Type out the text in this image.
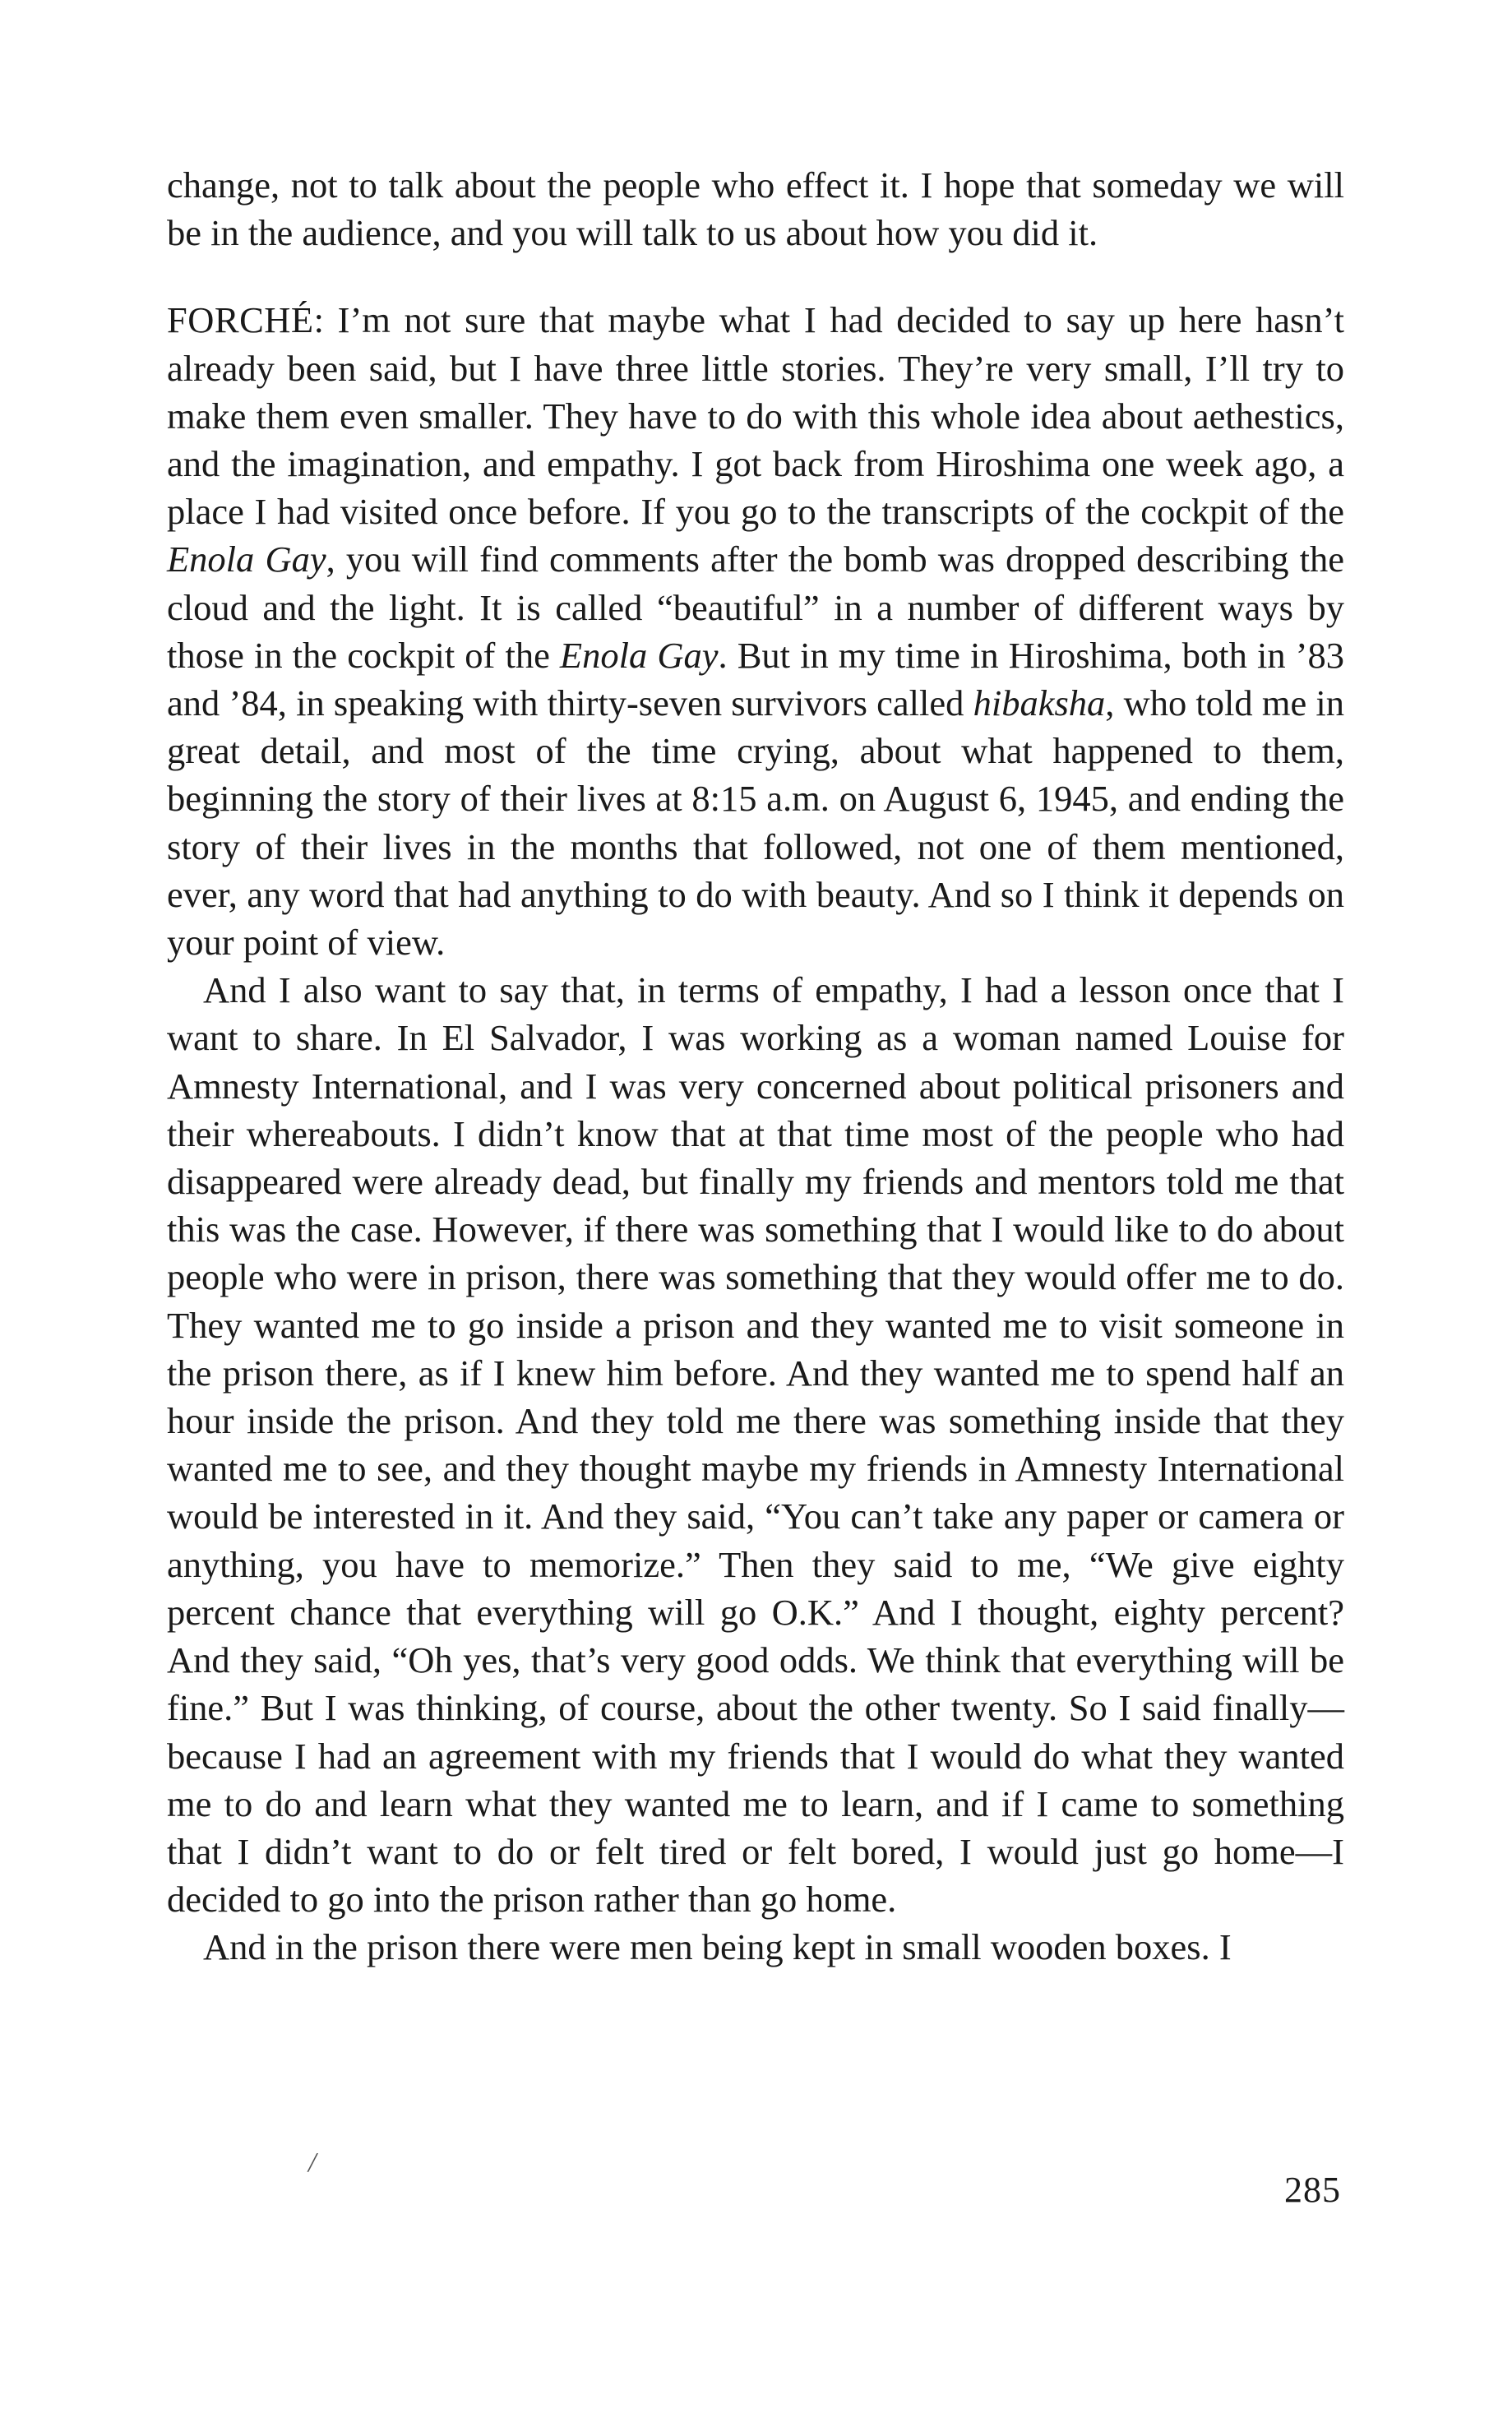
change, not to talk about the people who effect it. I hope that someday we will be in the audience, and you will talk to us about how you did it.

FORCHÉ: I’m not sure that maybe what I had decided to say up here hasn’t already been said, but I have three little stories. They’re very small, I’ll try to make them even smaller. They have to do with this whole idea about aethestics, and the imagination, and empathy. I got back from Hiroshima one week ago, a place I had visited once before. If you go to the transcripts of the cockpit of the Enola Gay, you will find comments after the bomb was dropped describing the cloud and the light. It is called “beautiful” in a number of different ways by those in the cockpit of the Enola Gay. But in my time in Hiroshima, both in ’83 and ’84, in speaking with thirty-seven survivors called hibaksha, who told me in great detail, and most of the time crying, about what happened to them, beginning the story of their lives at 8:15 a.m. on August 6, 1945, and ending the story of their lives in the months that followed, not one of them mentioned, ever, any word that had anything to do with beauty. And so I think it depends on your point of view.

And I also want to say that, in terms of empathy, I had a lesson once that I want to share. In El Salvador, I was working as a woman named Louise for Amnesty International, and I was very concerned about political prisoners and their whereabouts. I didn’t know that at that time most of the people who had disappeared were already dead, but finally my friends and mentors told me that this was the case. However, if there was something that I would like to do about people who were in prison, there was something that they would offer me to do. They wanted me to go inside a prison and they wanted me to visit someone in the prison there, as if I knew him before. And they wanted me to spend half an hour inside the prison. And they told me there was something inside that they wanted me to see, and they thought maybe my friends in Amnesty International would be interested in it. And they said, “You can’t take any paper or camera or anything, you have to memorize.” Then they said to me, “We give eighty percent chance that everything will go O.K.” And I thought, eighty percent? And they said, “Oh yes, that’s very good odds. We think that everything will be fine.” But I was thinking, of course, about the other twenty. So I said finally—because I had an agreement with my friends that I would do what they wanted me to do and learn what they wanted me to learn, and if I came to something that I didn’t want to do or felt tired or felt bored, I would just go home—I decided to go into the prison rather than go home.

And in the prison there were men being kept in small wooden boxes. I

/
285
